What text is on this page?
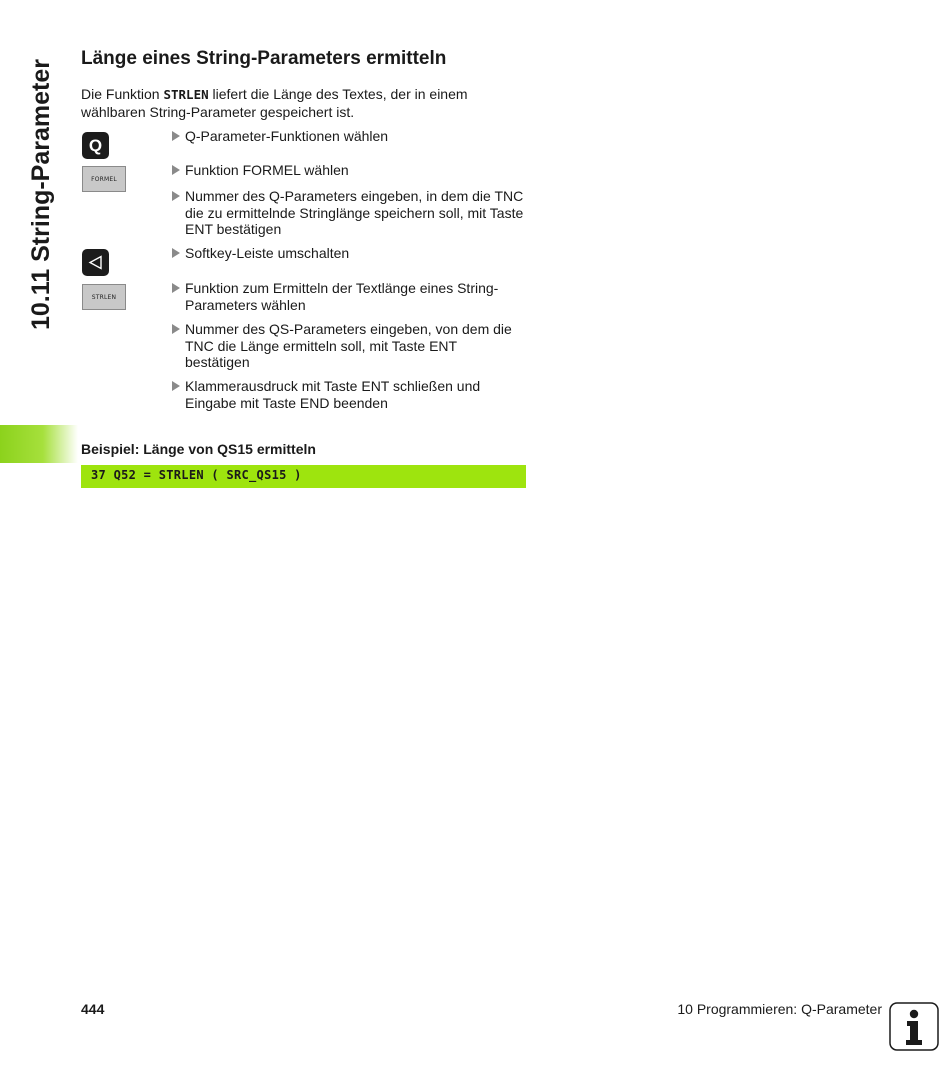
10.11 String-Parameter
Länge eines String-Parameters ermitteln

Die Funktion STRLEN liefert die Länge des Textes, der in einem wählbaren String-Parameter gespeichert ist.

Q
FORMEL
STRLEN
Q-Parameter-Funktionen wählen
Funktion FORMEL wählen
Nummer des Q-Parameters eingeben, in dem die TNC die zu ermittelnde Stringlänge speichern soll, mit Taste ENT bestätigen
Softkey-Leiste umschalten
Funktion zum Ermitteln der Textlänge eines String-Parameters wählen
Nummer des QS-Parameters eingeben, von dem die TNC die Länge ermitteln soll, mit Taste ENT bestätigen
Klammerausdruck mit Taste ENT schließen und Eingabe mit Taste END beenden

Beispiel: Länge von QS15 ermitteln

37 Q52 = STRLEN ( SRC_QS15 )
444	10 Programmieren: Q-Parameter
